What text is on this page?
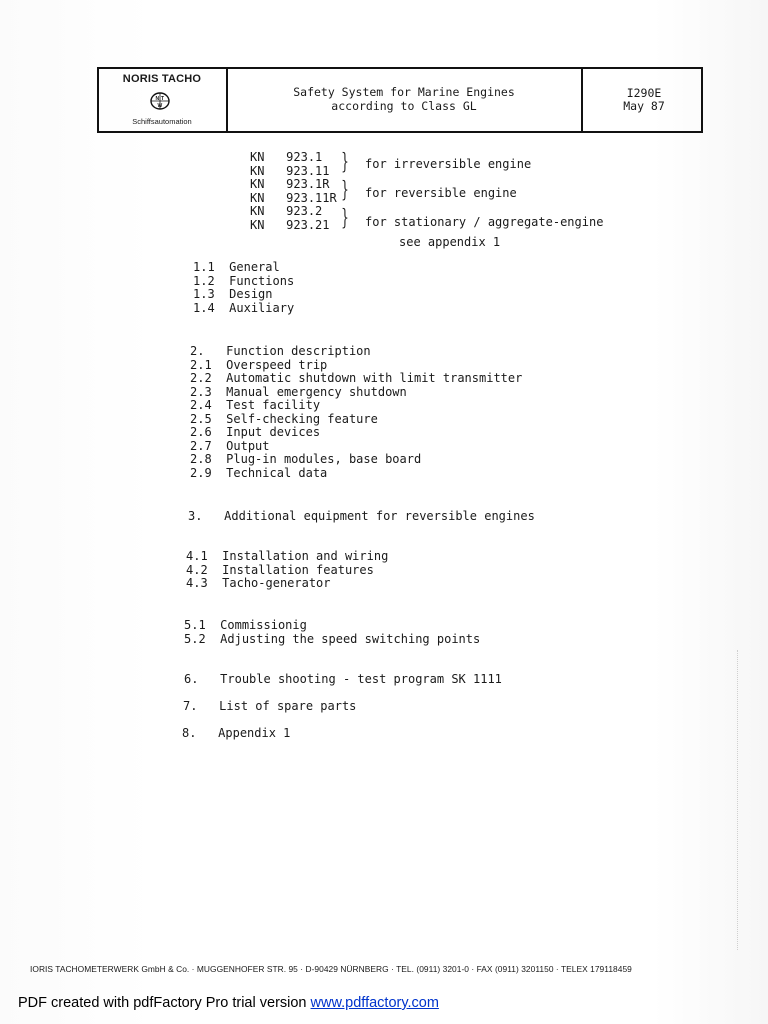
NORIS TACHO
N T
W
Schiffsautomation
Safety System for Marine Engines
according to Class GL
I290E
May 87
KN 923.1
KN 923.11
KN 923.1R
KN 923.11R
KN 923.2
KN 923.21
}
}
}
for irreversible engine
for reversible engine
for stationary / aggregate-engine
see appendix 1
1.1 General
1.2 Functions
1.3 Design
1.4 Auxiliary
2. Function description
2.1 Overspeed trip
2.2 Automatic shutdown with limit transmitter
2.3 Manual emergency shutdown
2.4 Test facility
2.5 Self-checking feature
2.6 Input devices
2.7 Output
2.8 Plug-in modules, base board
2.9 Technical data
3. Additional equipment for reversible engines
4.1 Installation and wiring
4.2 Installation features
4.3 Tacho-generator
5.1 Commissionig
5.2 Adjusting the speed switching points
6. Trouble shooting - test program SK 1111
7. List of spare parts
8. Appendix 1
IORIS TACHOMETERWERK GmbH & Co. · MUGGENHOFER STR. 95 · D-90429 NÜRNBERG · TEL. (0911) 3201-0 · FAX (0911) 3201150 · TELEX 179118459
PDF created with pdfFactory Pro trial version www.pdffactory.com
